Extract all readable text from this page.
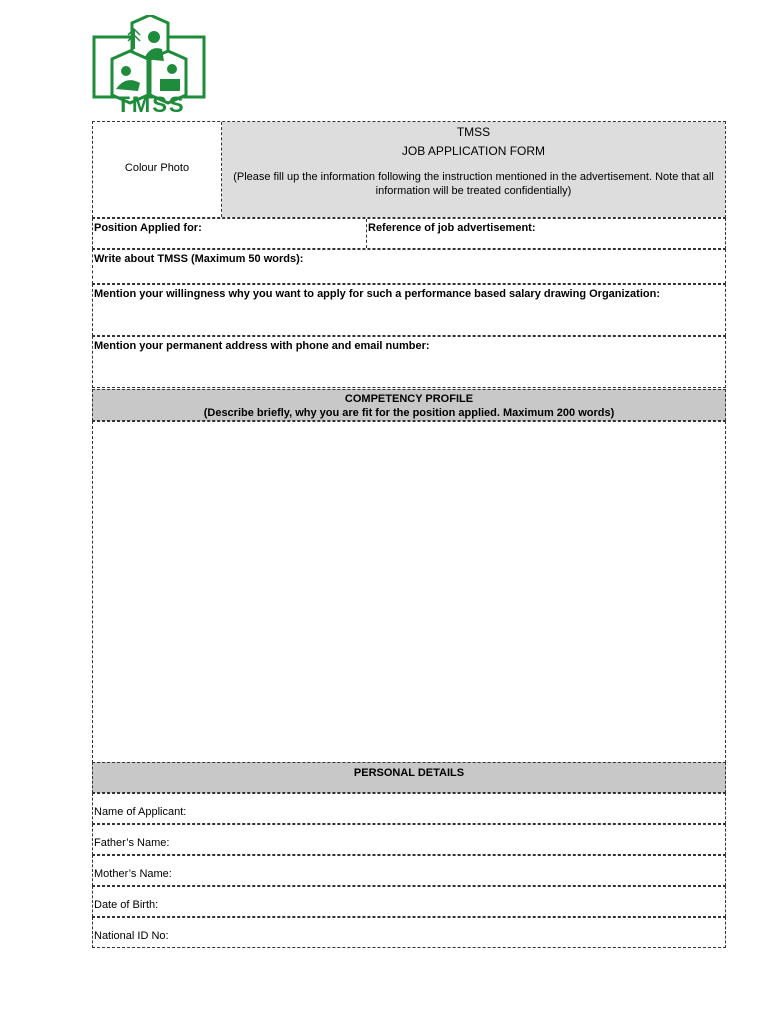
TMSS
Colour Photo
TMSS
JOB APPLICATION FORM
(Please fill up the information following the instruction mentioned in the advertisement. Note that all information will be treated confidentially)
Position Applied for:	Reference of job advertisement:
Write about TMSS (Maximum 50 words):
Mention your willingness why you want to apply for such a performance based salary drawing Organization:
Mention your permanent address with phone and email number:
COMPETENCY PROFILE
(Describe briefly, why you are fit for the position applied. Maximum 200 words)
PERSONAL DETAILS
Name of Applicant:
Father’s Name:
Mother’s Name:
Date of Birth:
National ID No:
